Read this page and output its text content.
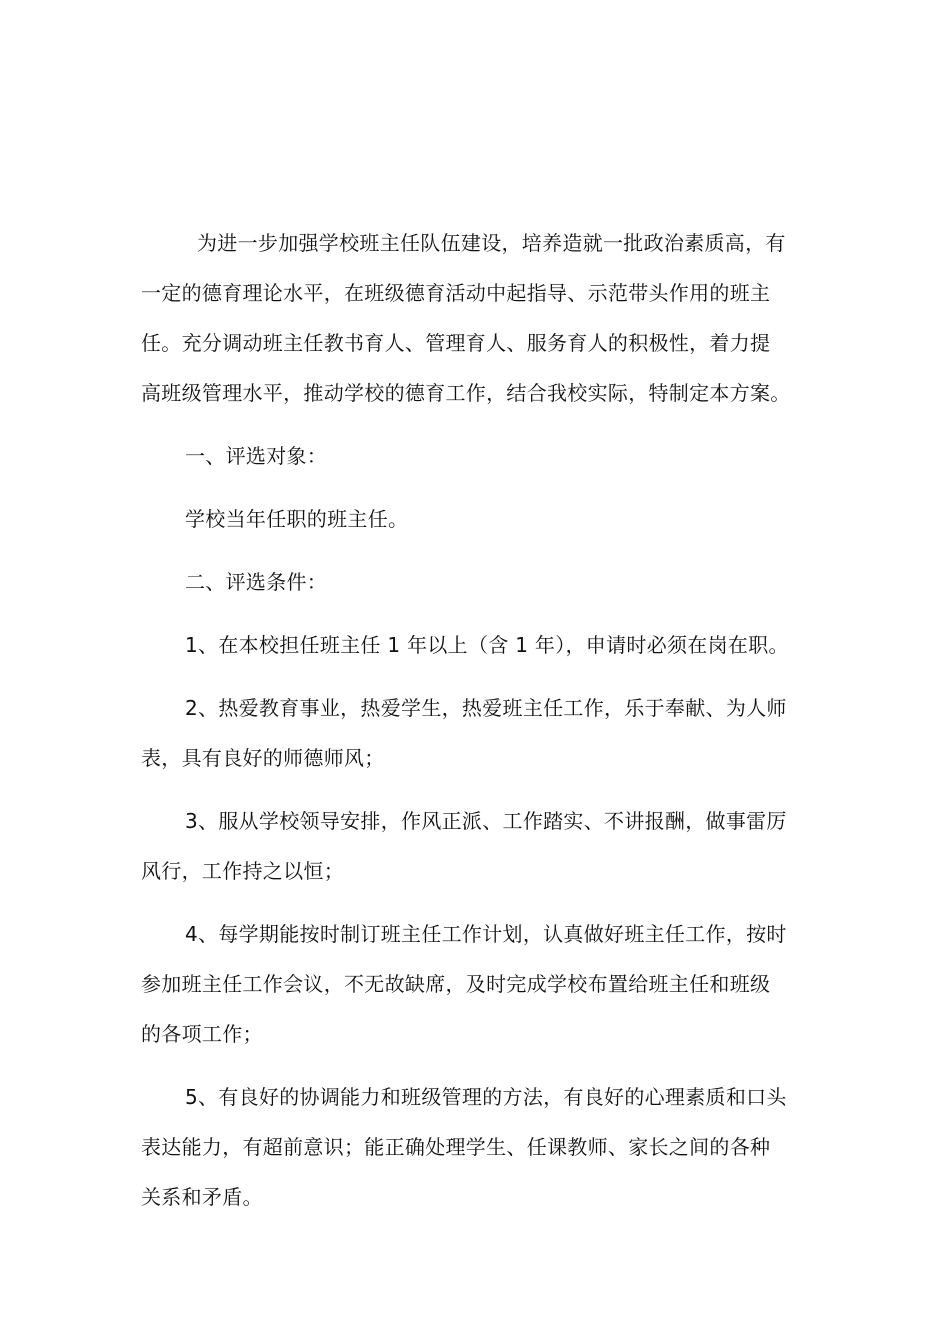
为进一步加强学校班主任队伍建设，培养造就一批政治素质高，有
一定的德育理论水平，在班级德育活动中起指导、示范带头作用的班主
任。充分调动班主任教书育人、管理育人、服务育人的积极性，着力提
高班级管理水平，推动学校的德育工作，结合我校实际，特制定本方案。

一、评选对象：

学校当年任职的班主任。

二、评选条件：

1、在本校担任班主任 1 年以上（含 1 年），申请时必须在岗在职。

2、热爱教育事业，热爱学生，热爱班主任工作，乐于奉献、为人师
表，具有良好的师德师风；

3、服从学校领导安排，作风正派、工作踏实、不讲报酬，做事雷厉
风行，工作持之以恒；

4、每学期能按时制订班主任工作计划，认真做好班主任工作，按时
参加班主任工作会议，不无故缺席，及时完成学校布置给班主任和班级
的各项工作；

5、有良好的协调能力和班级管理的方法，有良好的心理素质和口头
表达能力，有超前意识；能正确处理学生、任课教师、家长之间的各种
关系和矛盾。
